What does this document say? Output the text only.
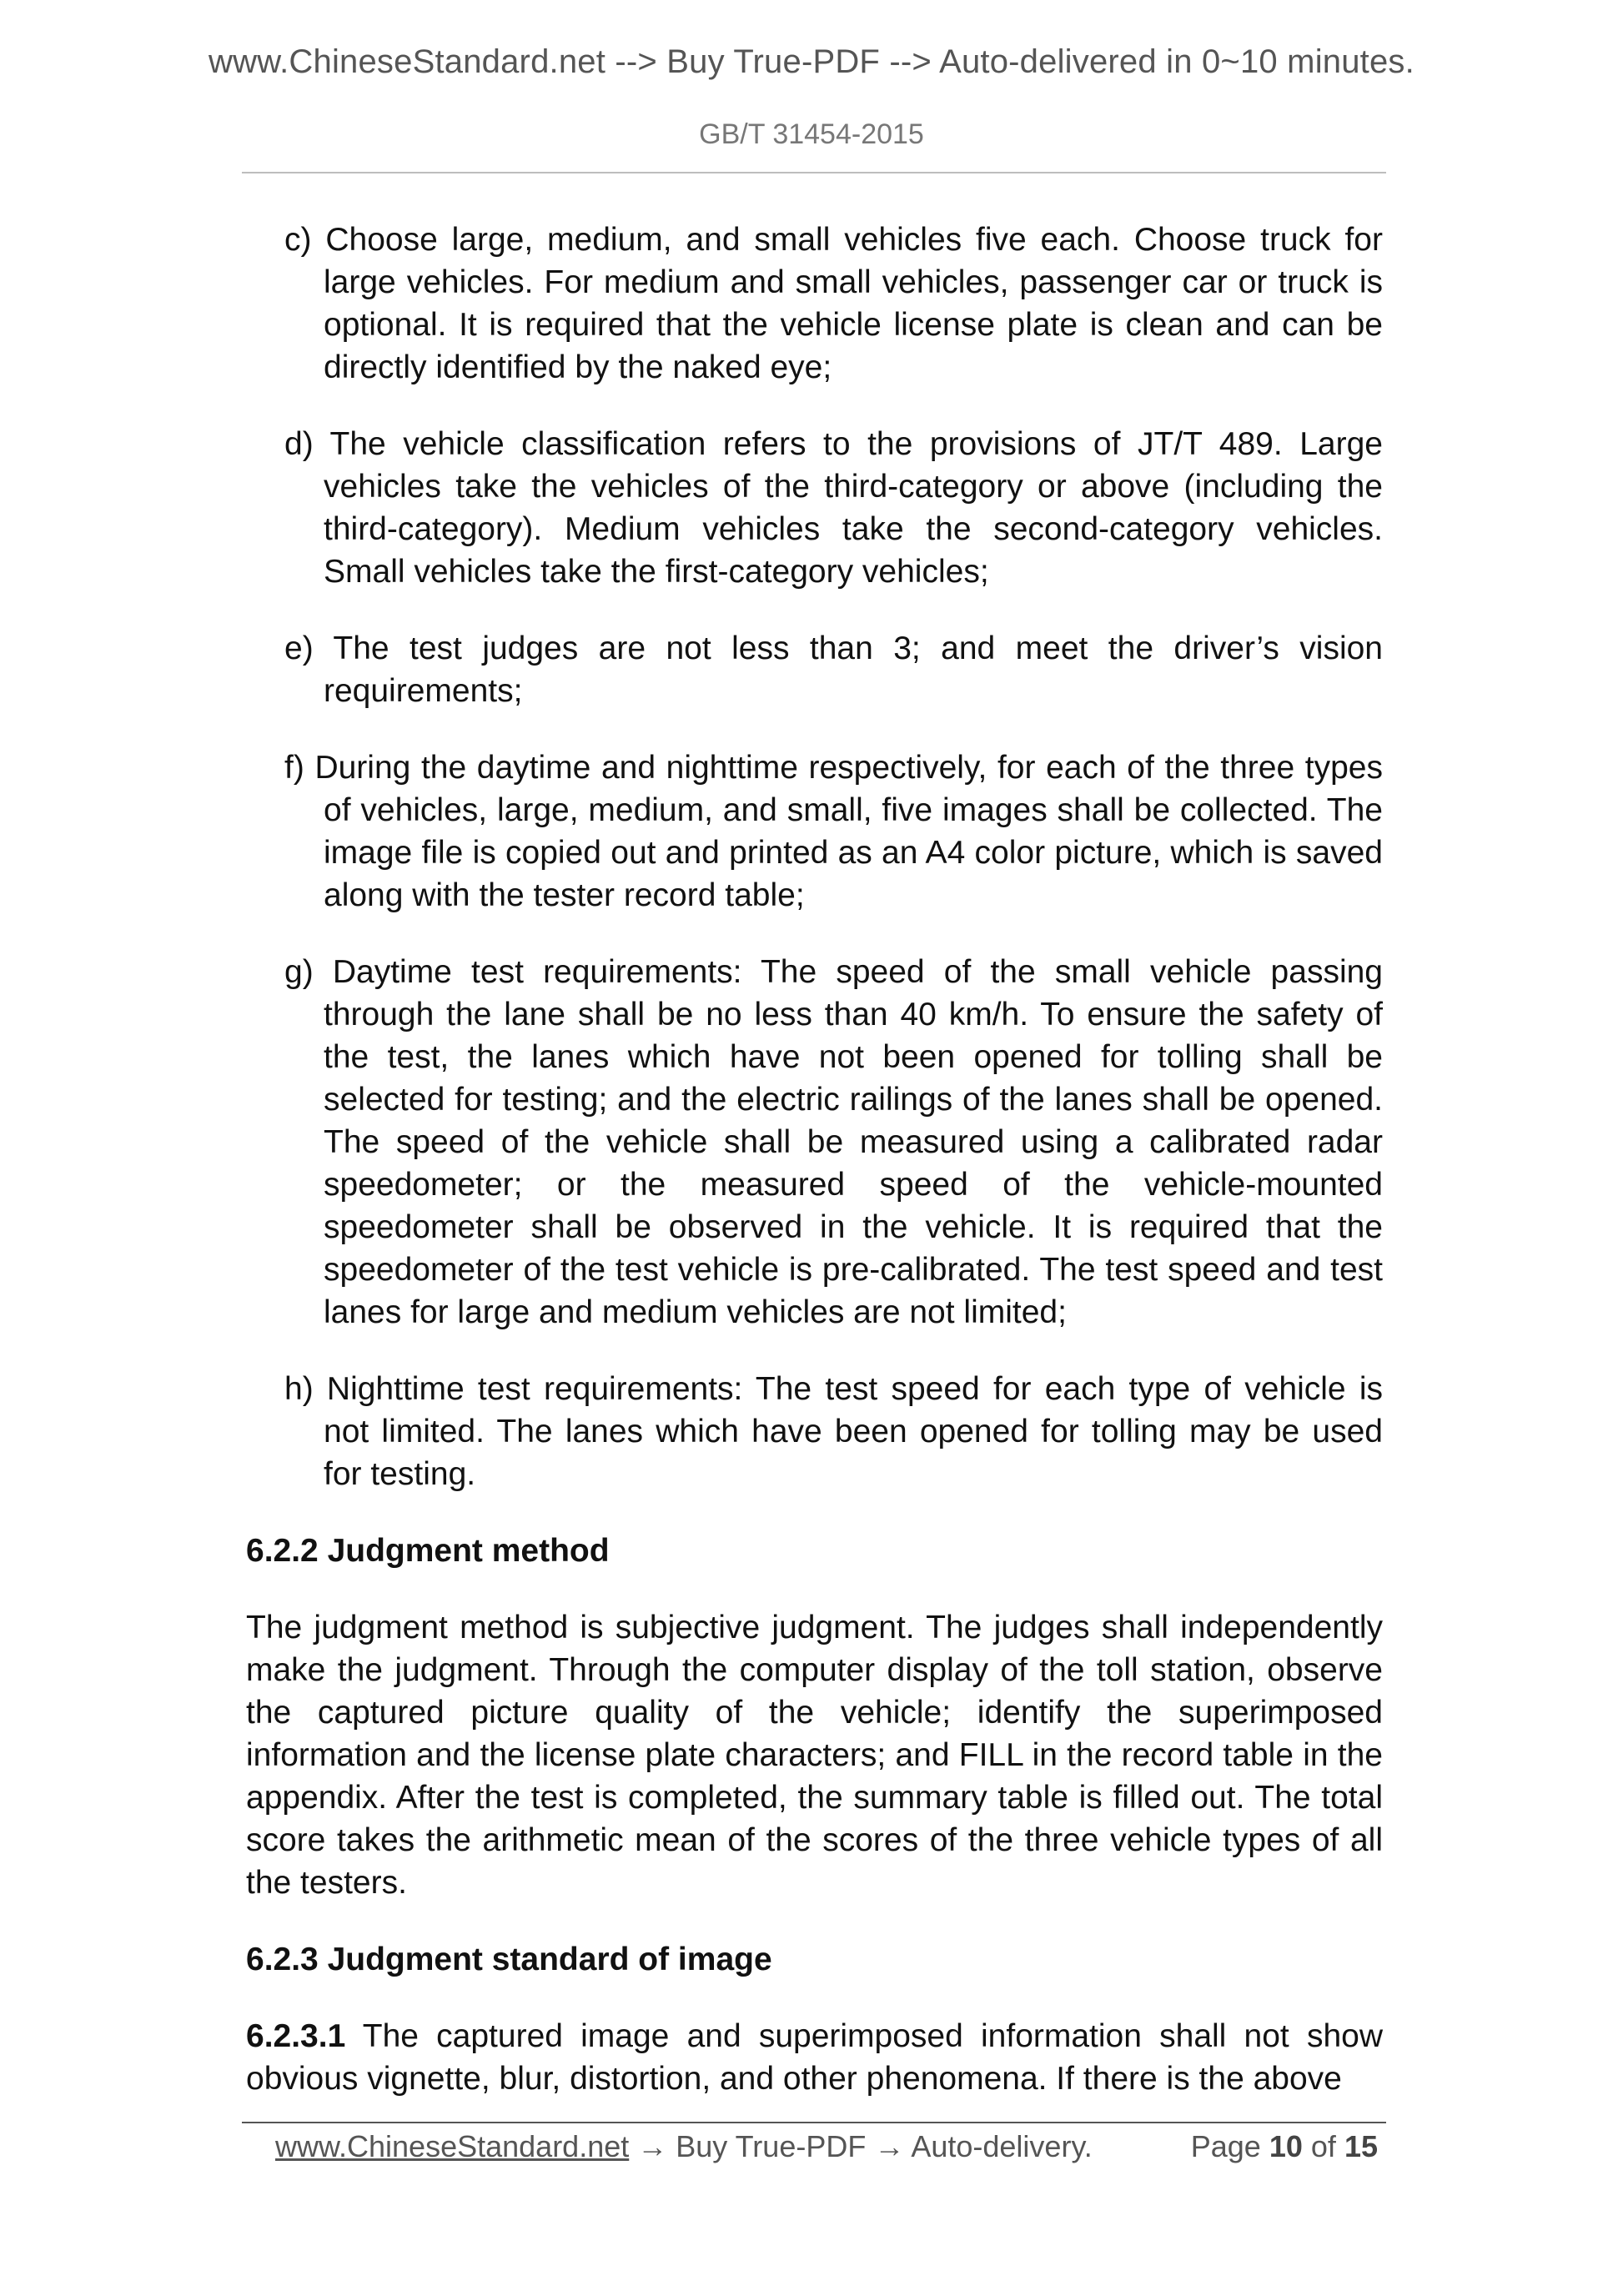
www.ChineseStandard.net --> Buy True-PDF --> Auto-delivered in 0~10 minutes.
GB/T 31454-2015
c) Choose large, medium, and small vehicles five each. Choose truck for large vehicles. For medium and small vehicles, passenger car or truck is optional. It is required that the vehicle license plate is clean and can be directly identified by the naked eye;
d) The vehicle classification refers to the provisions of JT/T 489. Large vehicles take the vehicles of the third-category or above (including the third-category). Medium vehicles take the second-category vehicles. Small vehicles take the first-category vehicles;
e) The test judges are not less than 3; and meet the driver’s vision requirements;
f) During the daytime and nighttime respectively, for each of the three types of vehicles, large, medium, and small, five images shall be collected. The image file is copied out and printed as an A4 color picture, which is saved along with the tester record table;
g) Daytime test requirements: The speed of the small vehicle passing through the lane shall be no less than 40 km/h. To ensure the safety of the test, the lanes which have not been opened for tolling shall be selected for testing; and the electric railings of the lanes shall be opened. The speed of the vehicle shall be measured using a calibrated radar speedometer; or the measured speed of the vehicle-mounted speedometer shall be observed in the vehicle. It is required that the speedometer of the test vehicle is pre-calibrated. The test speed and test lanes for large and medium vehicles are not limited;
h) Nighttime test requirements: The test speed for each type of vehicle is not limited. The lanes which have been opened for tolling may be used for testing.
6.2.2 Judgment method
The judgment method is subjective judgment. The judges shall independently make the judgment. Through the computer display of the toll station, observe the captured picture quality of the vehicle; identify the superimposed information and the license plate characters; and FILL in the record table in the appendix. After the test is completed, the summary table is filled out. The total score takes the arithmetic mean of the scores of the three vehicle types of all the testers.
6.2.3 Judgment standard of image
6.2.3.1 The captured image and superimposed information shall not show obvious vignette, blur, distortion, and other phenomena. If there is the above
www.ChineseStandard.net → Buy True-PDF → Auto-delivery.	Page 10 of 15
